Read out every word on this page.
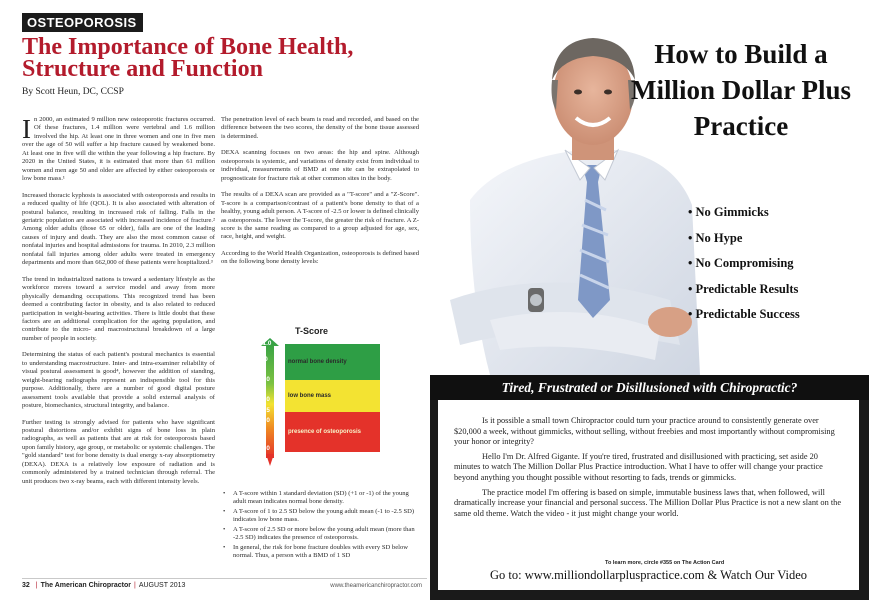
OSTEOPOROSIS
The Importance of Bone Health, Structure and Function
By Scott Heun, DC, CCSP

In 2000, an estimated 9 million new osteoporotic fractures occurred. Of these fractures, 1.4 million were vertebral and 1.6 million involved the hip. At least one in three women and one in five men over the age of 50 will suffer a hip fracture caused by weakened bone. At least one in five will die within the year following a hip fracture. By 2020 in the United States, it is estimated that more than 61 million women and men age 50 and older are affected by either osteoporosis or low bone mass.¹

Increased thoracic kyphosis is associated with osteoporosis and results in a reduced quality of life (QOL). It is also associated with alteration of postural balance, resulting in increased risk of falling. Falls in the geriatric population are associated with increased incidence of fracture.² Among older adults (those 65 or older), falls are one of the leading causes of injury and death. They are also the most common cause of nonfatal injuries and hospital admissions for trauma. In 2010, 2.3 million nonfatal fall injuries among older adults were treated in emergency departments and more than 662,000 of these patients were hospitalized.³

The trend in industrialized nations is toward a sedentary lifestyle as the workforce moves toward a service model and away from more physically demanding occupations. This recognized trend has been deemed a contributing factor in obesity, and is also related to reduced participation in weight-bearing activities. There is little doubt that these factors are an additional complication for the ageing population, and contribute to the micro- and macrostructural breakdown of a large number of people in society.

Determining the status of each patient's postural mechanics is essential to understanding macrostructure. Inter- and intra-examiner reliability of visual postural assessment is good⁴, however the addition of standing, weight-bearing radiographs represent an indispensible tool for this purpose. Additionally, there are a number of good digital posture assessment tools available that provide a solid external analysis of posture, biomechanics, structural integrity, and balance.

Further testing is strongly advised for patients who have significant postural distortions and/or exhibit signs of bone loss in plain radiographs, as well as patients that are at risk for osteoporosis based upon family history, age group, or metabolic or systemic challenges. The "gold standard" test for bone density is dual energy x-ray absorptiometry (DEXA). DEXA is a relatively low exposure of radiation and is commonly administered by a trained technician through referral. The unit produces two x-ray beams, each with different intensity levels.

The penetration level of each beam is read and recorded, and based on the difference between the two scores, the density of the bone tissue assessed is determined.

DEXA scanning focuses on two areas: the hip and spine. Although osteoporosis is systemic, and variations of density exist from individual to individual, measurements of BMD at one site can be extrapolated to prognosticate for fracture risk at other common sites in the body.

The results of a DEXA scan are provided as a "T-score" and a "Z-Score". T-score is a comparison/contrast of a patient's bone density to that of a healthy, young adult person. A T-score of -2.5 or lower is defined clinically as osteoporosis. The lower the T-score, the greater the risk of fracture. A Z-score is the same reading as compared to a group adjusted for age, sex, race, height, and weight.

According to the World Health Organization, osteoporosis is defined based on the following bone density levels:

T-Score
+1.0
0.0
-1.0
-2.0
-2.5
-3.0
-4.0
normal bone density
low bone mass
presence of osteoporosis
• A T-score within 1 standard deviation (SD) (+1 or -1) of the young adult mean indicates normal bone density.
• A T-score of 1 to 2.5 SD below the young adult mean (-1 to -2.5 SD) indicates low bone mass.
• A T-score of 2.5 SD or more below the young adult mean (more than -2.5 SD) indicates the presence of osteoporosis.
• In general, the risk for bone fracture doubles with every SD below normal. Thus, a person with a BMD of 1 SD
32 | The American Chiropractor | AUGUST 2013	www.theamericanchiropractor.com
How to Build a Million Dollar Plus Practice
• No Gimmicks
• No Hype
• No Compromising
• Predictable Results
• Predictable Success
Tired, Frustrated or Disillusioned with Chiropractic?

Is it possible a small town Chiropractor could turn your practice around to consistently generate over $20,000 a week, without gimmicks, without selling, without freebies and most importantly without compromising your honor or integrity?

Hello I'm Dr. Alfred Gigante. If you're tired, frustrated and disillusioned with practicing, set aside 20 minutes to watch The Million Dollar Plus Practice introduction. What I have to offer will change your practice beyond anything you thought possible without resorting to fads, trends or gimmicks.

The practice model I'm offering is based on simple, immutable business laws that, when followed, will dramatically increase your financial and personal success. The Million Dollar Plus Practice is not a new slant on the same old theme. Watch the video - it just might change your world.

To learn more, circle #355 on The Action Card
Go to: www.milliondollarpluspractice.com & Watch Our Video
